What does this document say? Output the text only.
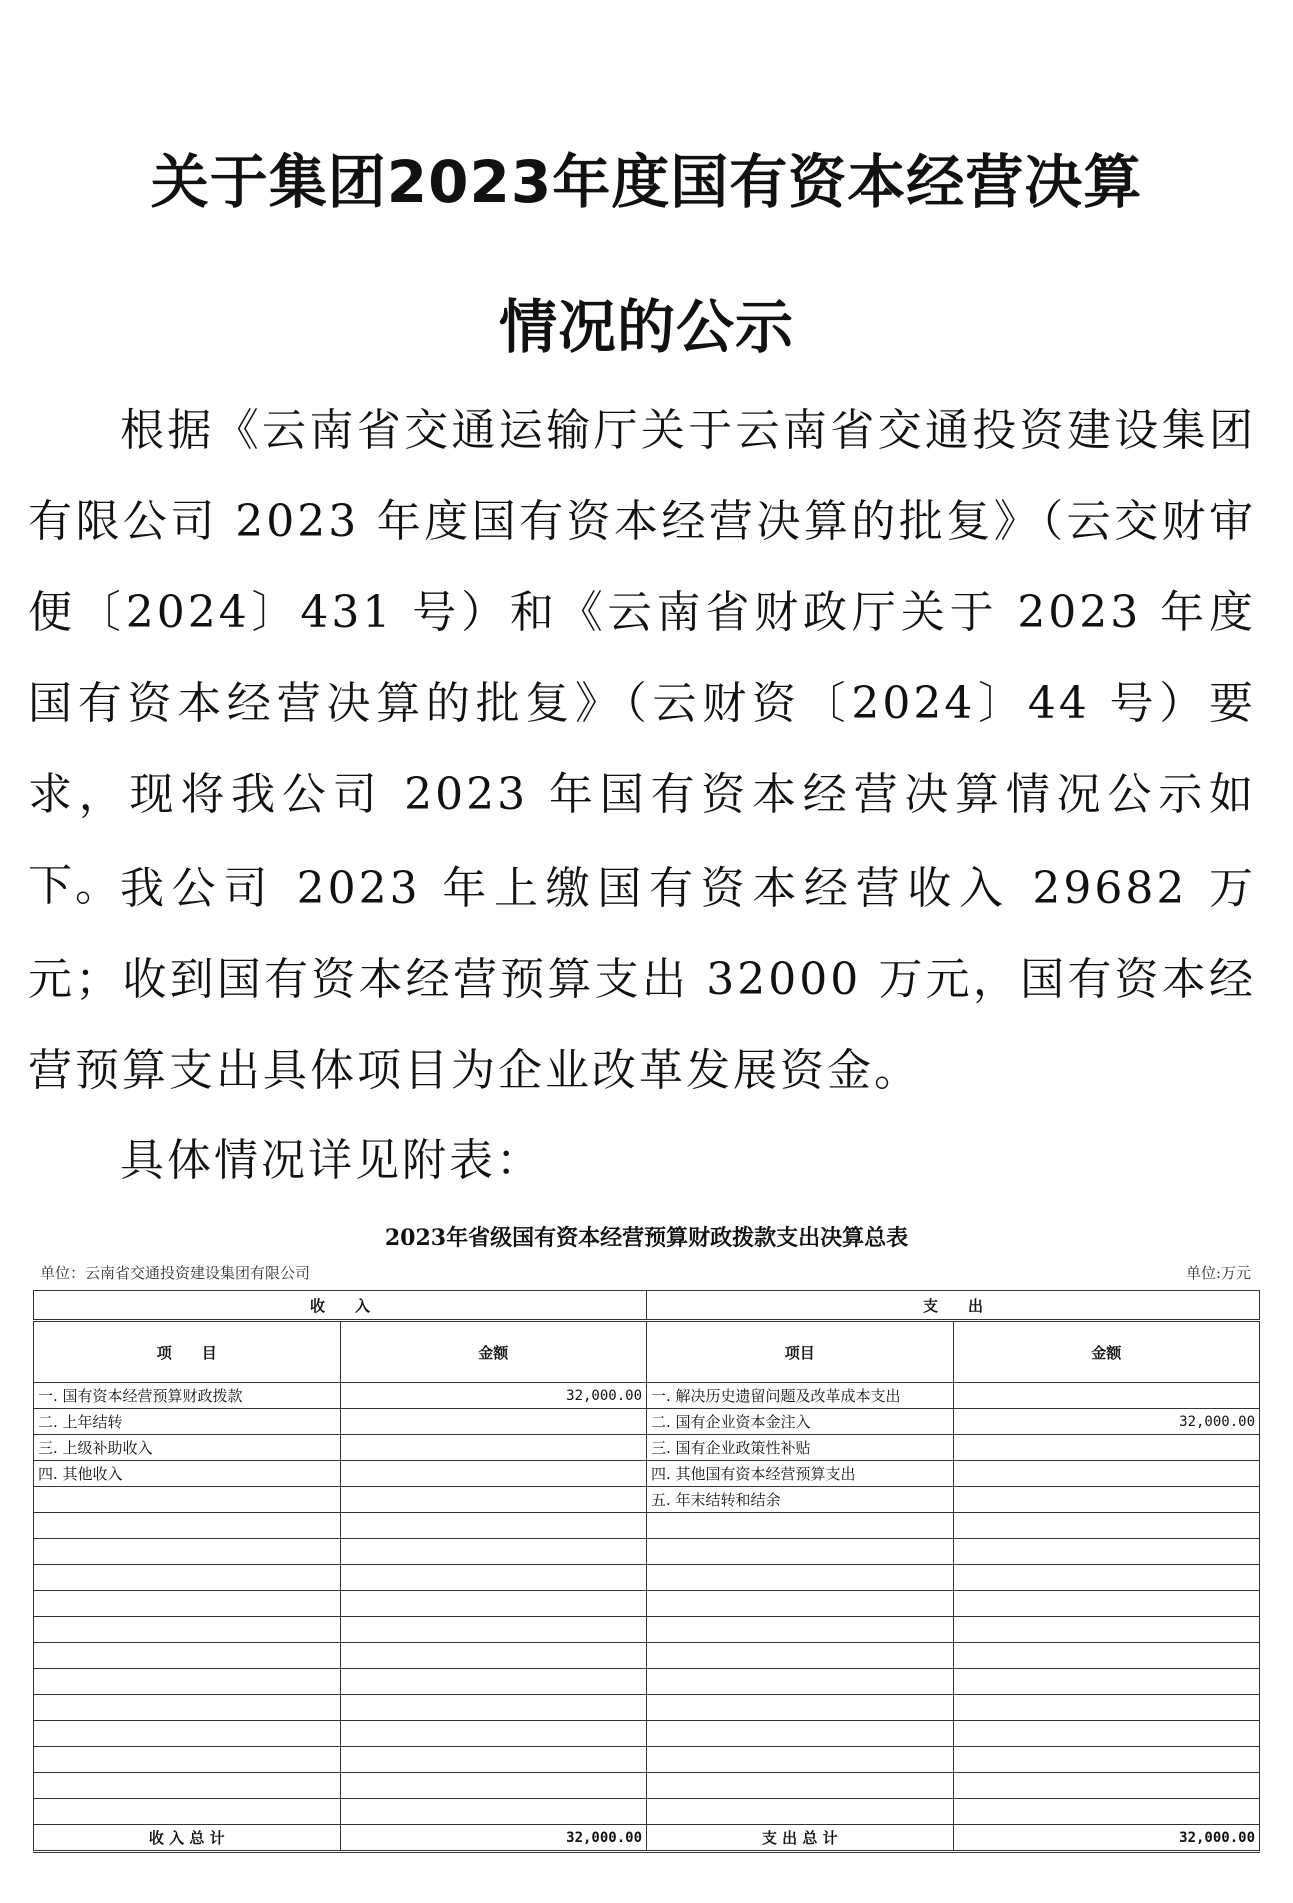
关于集团2023年度国有资本经营决算
情况的公示

根据《云南省交通运输厅关于云南省交通投资建设集团有限公司 2023 年度国有资本经营决算的批复》（云交财审便〔2024〕431 号）和《云南省财政厅关于 2023 年度国有资本经营决算的批复》（云财资〔2024〕44 号）要求，现将我公司 2023 年国有资本经营决算情况公示如下。

我公司 2023 年上缴国有资本经营收入 29682 万元；收到国有资本经营预算支出 32000 万元，国有资本经营预算支出具体项目为企业改革发展资金。

具体情况详见附表：

2023年省级国有资本经营预算财政拨款支出决算总表
单位：云南省交通投资建设集团有限公司	单位:万元
收　　入		支　　出	
项　　目	金额	项目	金额
一. 国有资本经营预算财政拨款	32,000.00	一. 解决历史遗留问题及改革成本支出	
二. 上年结转		二. 国有企业资本金注入	32,000.00
三. 上级补助收入		三. 国有企业政策性补贴	
四. 其他收入		四. 其他国有资本经营预算支出	
		五. 年末结转和结余	

收 入 总 计	32,000.00	支 出 总 计	32,000.00
